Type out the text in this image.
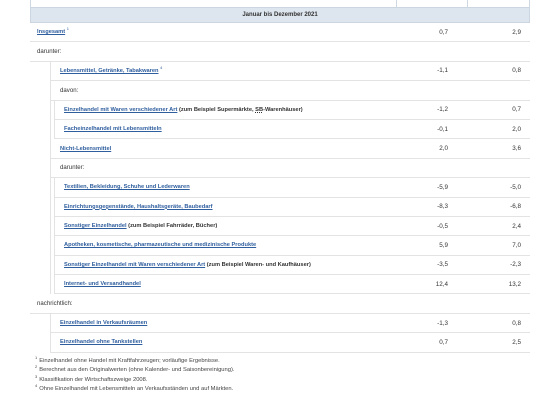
Januar bis Dezember 2021
Insgesamt $^1$	0,7	2,9
darunter:
Lebensmittel, Getränke, Tabakwaren $^4$	-1,1	0,8
davon:
Einzelhandel mit Waren verschiedener Art (zum Beispiel Supermärkte, SB-Warenhäuser)	-1,2	0,7
Facheinzelhandel mit Lebensmitteln	-0,1	2,0
Nicht-Lebensmittel	2,0	3,6
darunter:
Textilien, Bekleidung, Schuhe und Lederwaren	-5,9	-5,0
Einrichtungsgegenstände, Haushaltsgeräte, Baubedarf	-8,3	-6,8
Sonstiger Einzelhandel (zum Beispiel Fahrräder, Bücher)	-0,5	2,4
Apotheken, kosmetische, pharmazeutische und medizinische Produkte	5,9	7,0
Sonstiger Einzelhandel mit Waren verschiedener Art (zum Beispiel Waren- und Kaufhäuser)	-3,5	-2,3
Internet- und Versandhandel	12,4	13,2
nachrichtlich:
Einzelhandel in Verkaufsräumen	-1,3	0,8
Einzelhandel ohne Tankstellen	0,7	2,5
$^1$Einzelhandel ohne Handel mit Kraftfahrzeugen; vorläufige Ergebnisse.
$^2$Berechnet aus den Originalwerten (ohne Kalender- und Saisonbereinigung).
$^3$Klassifikation der Wirtschaftszweige 2008.
$^4$Ohne Einzelhandel mit Lebensmitteln an Verkaufsständen und auf Märkten.
